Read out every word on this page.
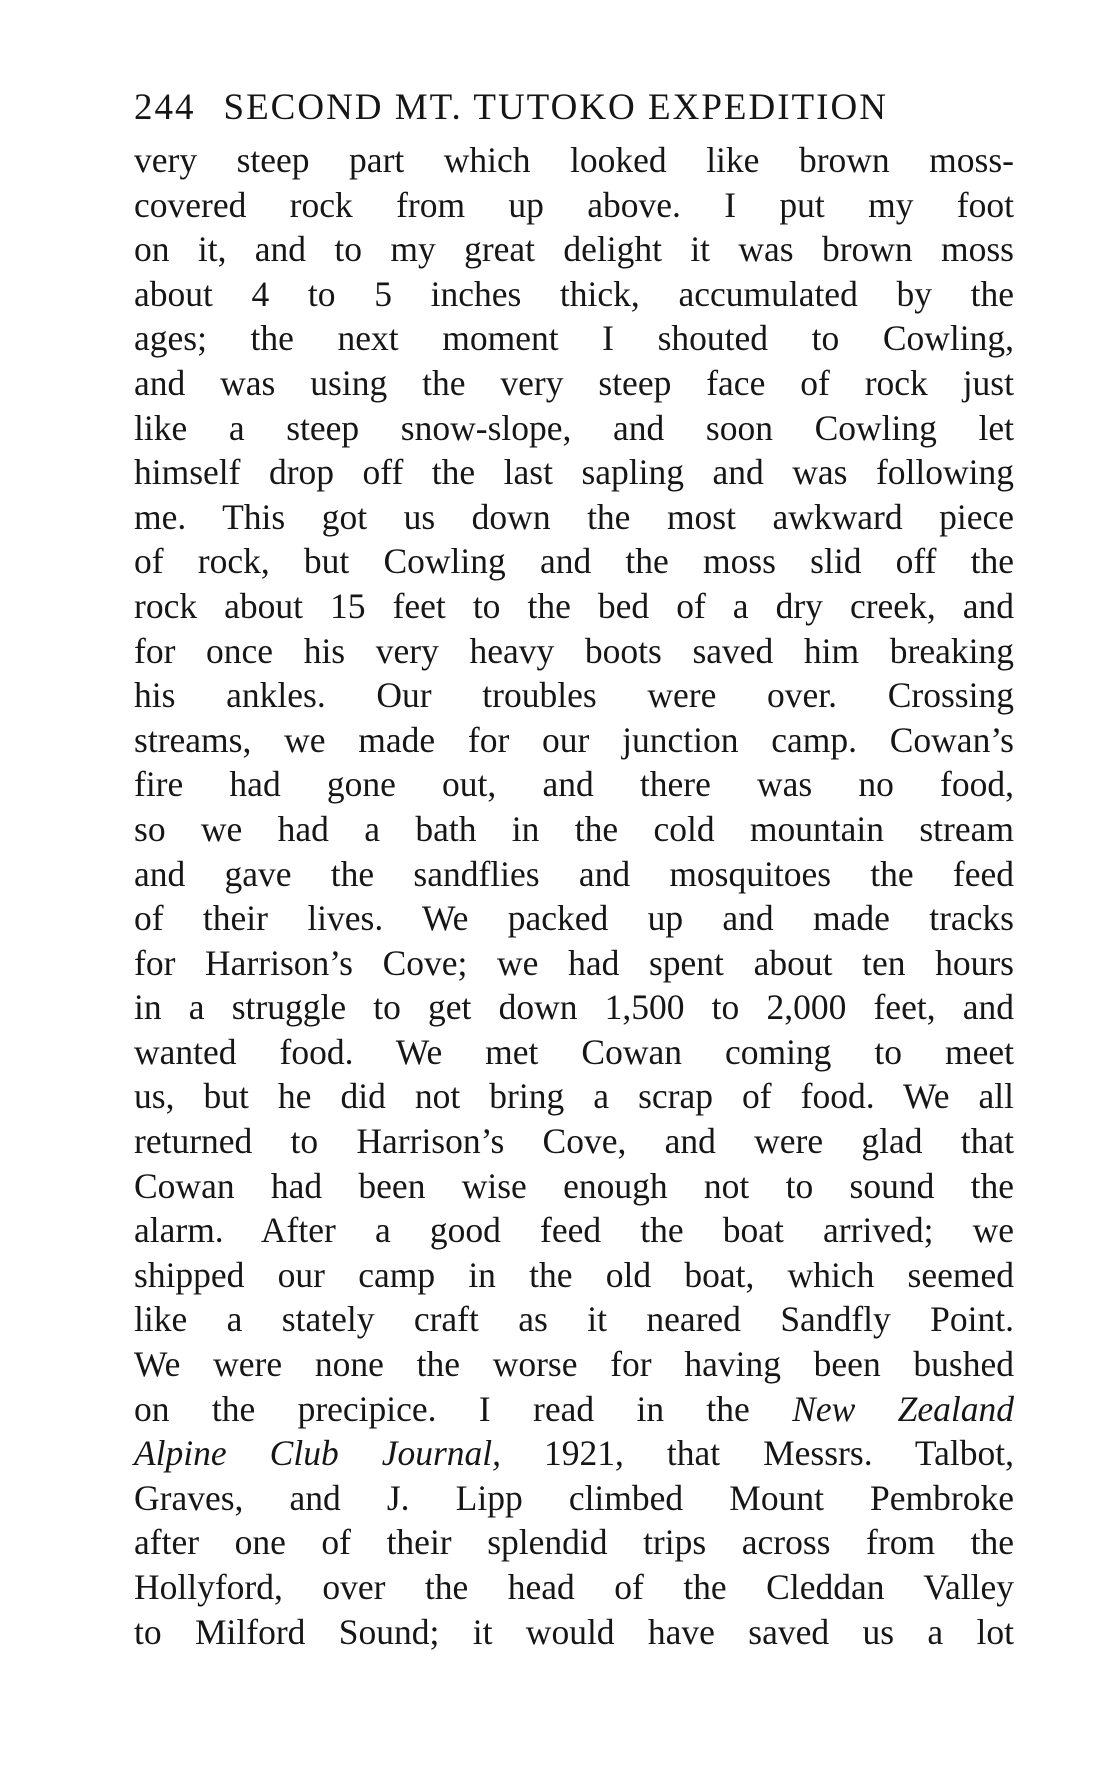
244 SECOND MT. TUTOKO EXPEDITION
very steep part which looked like brown moss-
covered rock from up above. I put my foot
on it, and to my great delight it was brown moss
about 4 to 5 inches thick, accumulated by the
ages; the next moment I shouted to Cowling,
and was using the very steep face of rock just
like a steep snow-slope, and soon Cowling let
himself drop off the last sapling and was following
me. This got us down the most awkward piece
of rock, but Cowling and the moss slid off the
rock about 15 feet to the bed of a dry creek, and
for once his very heavy boots saved him breaking
his ankles. Our troubles were over. Crossing
streams, we made for our junction camp. Cowan’s
fire had gone out, and there was no food,
so we had a bath in the cold mountain stream
and gave the sandflies and mosquitoes the feed
of their lives. We packed up and made tracks
for Harrison’s Cove; we had spent about ten hours
in a struggle to get down 1,500 to 2,000 feet, and
wanted food. We met Cowan coming to meet
us, but he did not bring a scrap of food. We all
returned to Harrison’s Cove, and were glad that
Cowan had been wise enough not to sound the
alarm. After a good feed the boat arrived; we
shipped our camp in the old boat, which seemed
like a stately craft as it neared Sandfly Point.
We were none the worse for having been bushed
on the precipice. I read in the New Zealand
Alpine Club Journal, 1921, that Messrs. Talbot,
Graves, and J. Lipp climbed Mount Pembroke
after one of their splendid trips across from the
Hollyford, over the head of the Cleddan Valley
to Milford Sound; it would have saved us a lot
